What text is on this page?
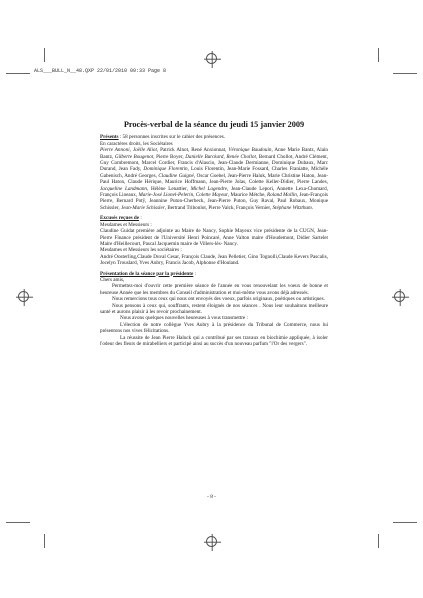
ALS___BULL_N__48.QXP 22/01/2010 09:33 Page 8
Procès-verbal de la séance du jeudi 15 janvier 2009

Présents : 58 personnes inscrites sur le cahier des présences.

En caractères droits, les Sociétaires

Pierre Annoni, Joëlle Aliot, Patrick Alnot, René Anxionnat, Véronique Baudouin, Anne Marie Bantz, Alain Bantz, Gilberte Bougenot, Pierre Boyer, Danielle Burckard, Renée Chollot, Bernard Chollot, André Clément, Guy Combremont, Marcel Cordier, Francis d'Alascio, Jean-Claude Dermianne, Dominique Dubaux, Marc Durand, Jean Fady, Dominique Florentin, Louis Florentin, Jean-Marie Fossard, Charles Franiatte, Michèle Gabenisch, André Georges, Claudine Guigné, Oscar Goebel, Jean-Pierre Haluk, Marie Christine Haton, Jean-Paul Haton, Claude Hérique, Maurice Hoffmann, Jean-Pierre Jolas, Colette Keller-Didier, Pierre Landes, Jacqueline Landmann, Hélène Lenattier, Michel Lagendre, Jean-Claude Lepori, Annette Lexa-Chomard, François Lioeaux, Marie-José Lionel-Pelerin, Colette Mayeur, Maurice Métche, Roland Mollin, Jean-François Pierre, Bernard Potÿ, Jeannine Puton-Cherbeck, Jean-Pierre Puton, Guy Raval, Paul Robaux, Monique Schissler, Jean-Marie Schissler, Bertrand Tribonlot, Pierre Valck, François Vernier, Stéphane Witzthum.

Excusés reçues de :

Mesdames et Messieurs :

Claudine Guidat première adjointe au Maire de Nancy, Sophie Mayeux vice présidente de la CUGN, Jean-Pierre Finance président de l'Université Henri Poincaré, Anne Valton maire d'Houdemont, Didier Sartelet Maire d'Heillecourt, Pascal Jacquemin maire de Villers-lès- Nancy.

Mesdames et Messieurs les sociétaires :

André Oosterling,Claude Duval Cesar, François Claude, Jean Pelletier, Gino Tognolli,Claude Kevers Pascalis, Jocelyn Trouslard, Yves Aubry, Francis Jacob, Alphonse d'Houland.

Présentation de la séance par la présidente :

Chers amis,

Permettez-moi d'ouvrir cette première séance de l'année en vous renouvelant les voeux de bonne et heureuse Année que les membres du Conseil d'administration et moi-même vous avons déjà adressés.

Nous remercions tous ceux qui nous ont envoyés des voeux, parfois originaux, poétiques ou artistiques.

Nous pensons à ceux qui, souffrants, restent éloignés de nos séances . Nous leur souhaitons meilleure santé et aurons plaisir à les revoir prochainement.

Nous avons quelques nouvelles heureuses à vous transmettre :

L'élection de notre collègue Yves Aubry à la présidence du Tribunal de Commerce, nous lui présentons nos vives félicitations.

La réussite de Jean Pierre Haluck qui a contribué par ses travaux en biochimie appliquée, à isoler l'odeur des fleurs de mirabelliers et participé ainsi au succès d'un nouveau parfum "l'Or des vergers".

- 8 -
